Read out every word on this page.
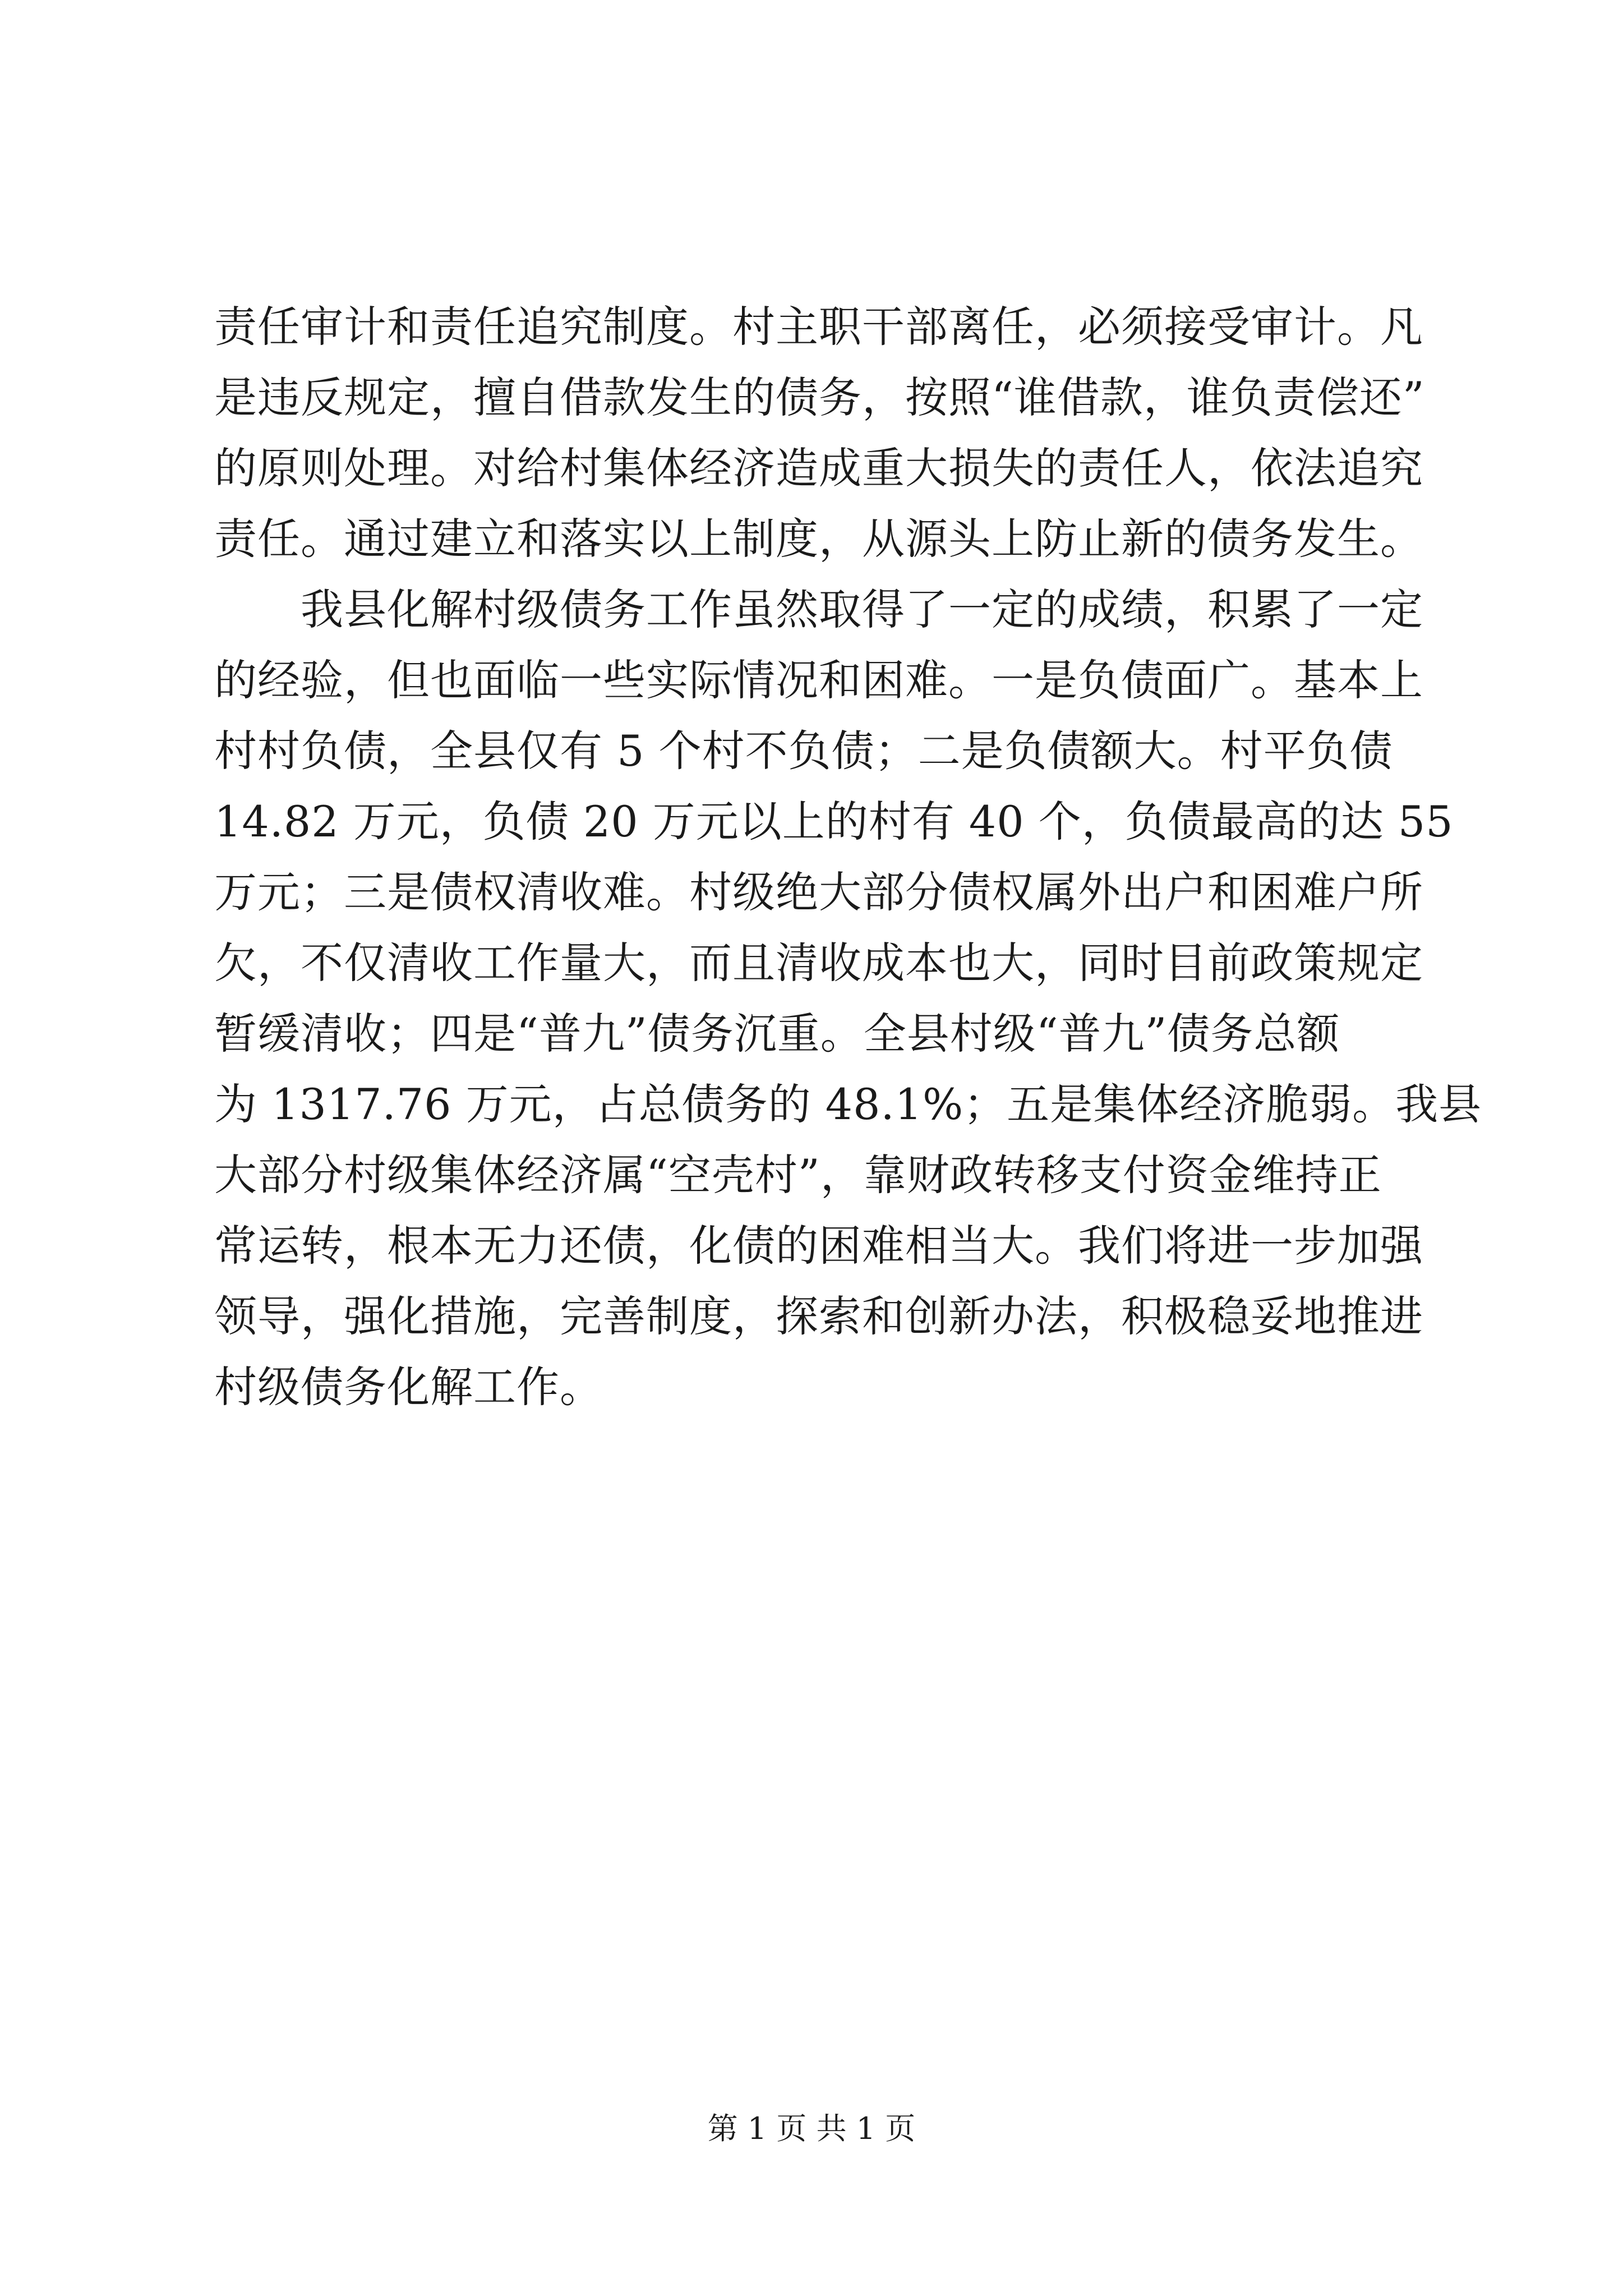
责任审计和责任追究制度。村主职干部离任，必须接受审计。凡
是违反规定，擅自借款发生的债务，按照“谁借款，谁负责偿还”
的原则处理。对给村集体经济造成重大损失的责任人，依法追究
责任。通过建立和落实以上制度，从源头上防止新的债务发生。
　　我县化解村级债务工作虽然取得了一定的成绩，积累了一定
的经验，但也面临一些实际情况和困难。一是负债面广。基本上
村村负债，全县仅有 5 个村不负债；二是负债额大。村平负债
14.82 万元，负债 20 万元以上的村有 40 个，负债最高的达 55
万元；三是债权清收难。村级绝大部分债权属外出户和困难户所
欠，不仅清收工作量大，而且清收成本也大，同时目前政策规定
暂缓清收；四是“普九”债务沉重。全县村级“普九”债务总额
为 1317.76 万元，占总债务的 48.1%；五是集体经济脆弱。我县
大部分村级集体经济属“空壳村”，靠财政转移支付资金维持正
常运转，根本无力还债，化债的困难相当大。我们将进一步加强
领导，强化措施，完善制度，探索和创新办法，积极稳妥地推进
村级债务化解工作。
第 1 页 共 1 页
